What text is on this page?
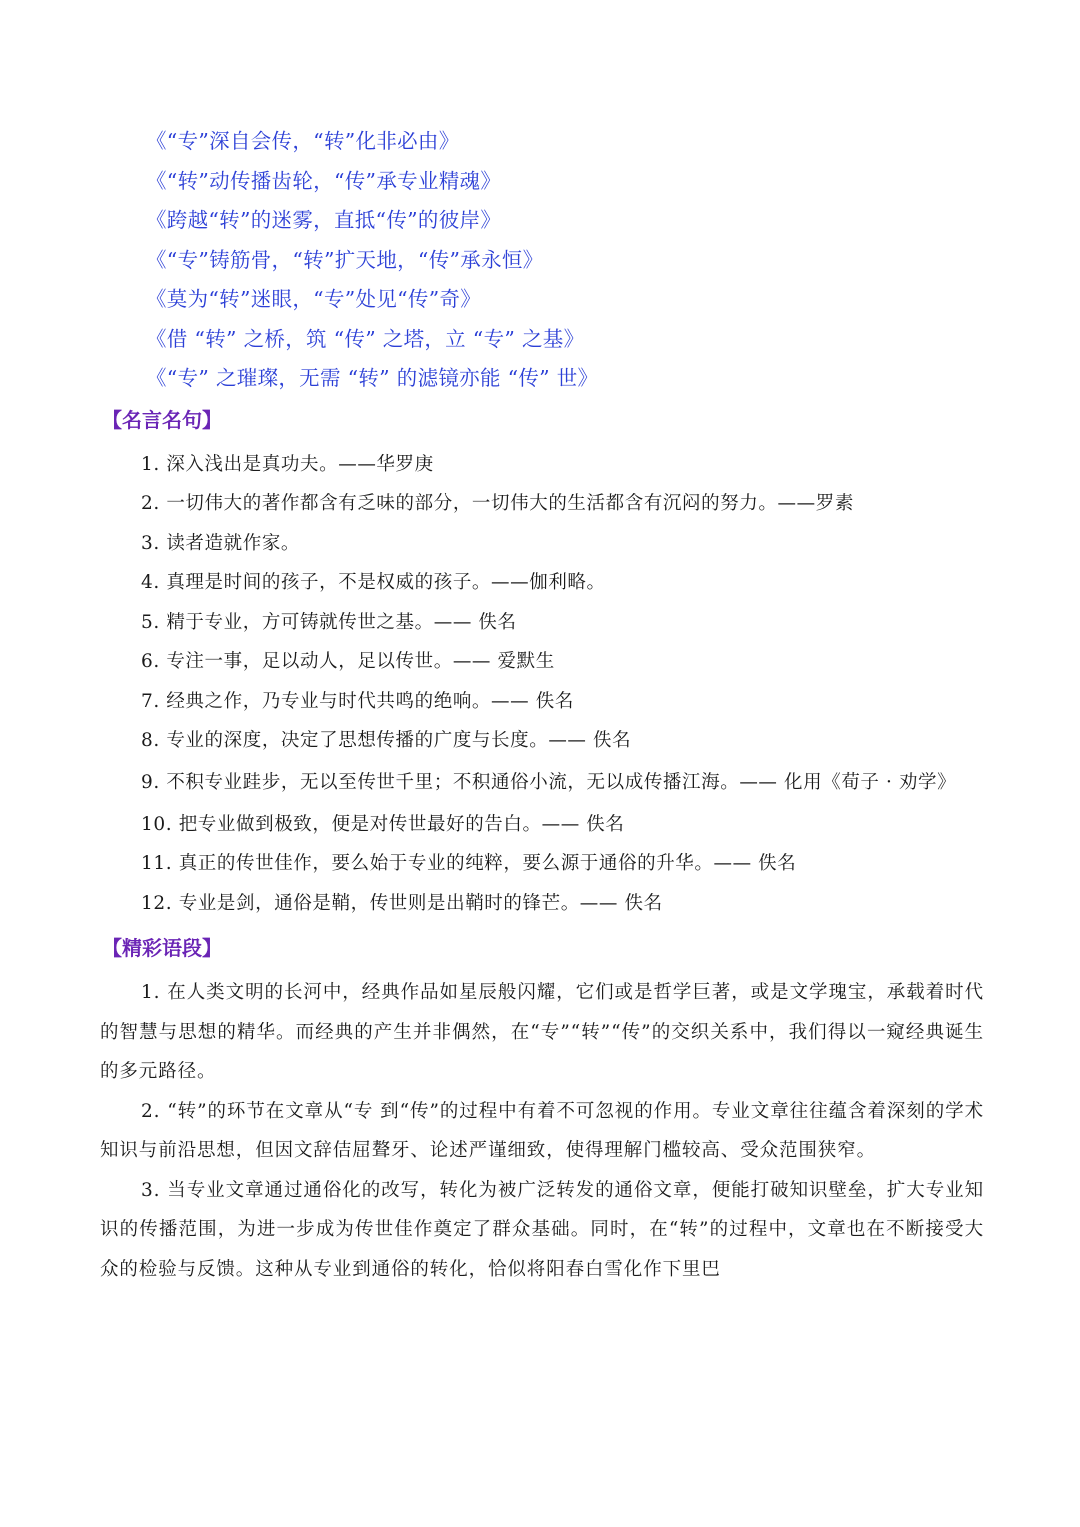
《“专”深自会传，“转”化非必由》
《“转”动传播齿轮，“传”承专业精魂》
《跨越“转”的迷雾，直抵“传”的彼岸》
《“专”铸筋骨，“转”扩天地，“传”承永恒》
《莫为“转”迷眼，“专”处见“传”奇》
《借 “转” 之桥，筑 “传” 之塔，立 “专” 之基》
《“专” 之璀璨，无需 “转” 的滤镜亦能 “传” 世》
【名言名句】
1. 深入浅出是真功夫。——华罗庚
2. 一切伟大的著作都含有乏味的部分，一切伟大的生活都含有沉闷的努力。——罗素
3. 读者造就作家。
4. 真理是时间的孩子，不是权威的孩子。——伽利略。
5. 精于专业，方可铸就传世之基。—— 佚名
6. 专注一事，足以动人，足以传世。—— 爱默生
7. 经典之作，乃专业与时代共鸣的绝响。—— 佚名
8. 专业的深度，决定了思想传播的广度与长度。—— 佚名
9. 不积专业跬步，无以至传世千里；不积通俗小流，无以成传播江海。—— 化用《荀子 · 劝学》
10. 把专业做到极致，便是对传世最好的告白。—— 佚名
11. 真正的传世佳作，要么始于专业的纯粹，要么源于通俗的升华。—— 佚名
12. 专业是剑，通俗是鞘，传世则是出鞘时的锋芒。—— 佚名
【精彩语段】
1. 在人类文明的长河中，经典作品如星辰般闪耀，它们或是哲学巨著，或是文学瑰宝，承载着时代的智慧与思想的精华。而经典的产生并非偶然，在“专”“转”“传”的交织关系中，我们得以一窥经典诞生的多元路径。
2. “转”的环节在文章从“专 到“传”的过程中有着不可忽视的作用。专业文章往往蕴含着深刻的学术知识与前沿思想，但因文辞佶屈聱牙、论述严谨细致，使得理解门槛较高、受众范围狭窄。
3. 当专业文章通过通俗化的改写，转化为被广泛转发的通俗文章，便能打破知识壁垒，扩大专业知识的传播范围，为进一步成为传世佳作奠定了群众基础。同时，在“转”的过程中，文章也在不断接受大众的检验与反馈。这种从专业到通俗的转化，恰似将阳春白雪化作下里巴
